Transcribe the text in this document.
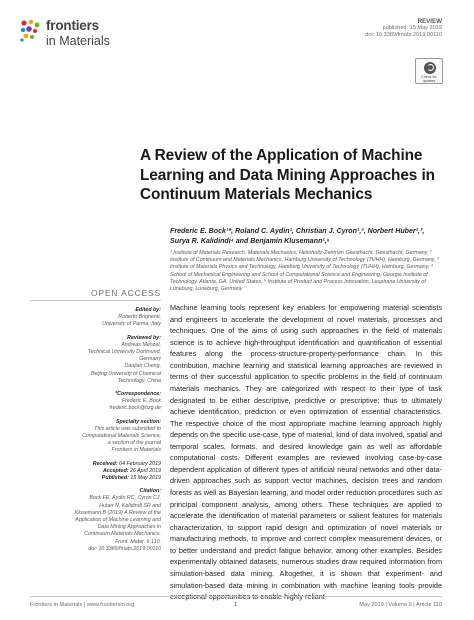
frontiers
in Materials
REVIEW
published: 15 May 2019
doi: 10.3389/fmats.2019.00110
Check for
updates
A Review of the Application of Machine Learning and Data Mining Approaches in Continuum Materials Mechanics
Frederic E. Bock¹*, Roland C. Aydin¹, Christian J. Cyron¹,², Norbert Huber¹,³, Surya R. Kalidindi⁴ and Benjamin Klusemann¹,⁵
¹ Institute of Materials Research, Materials Mechanics, Helmholtz-Zentrum Geesthacht, Geesthacht, Germany, ² Institute of Continuum and Materials Mechanics, Hamburg University of Technology (TUHH), Hamburg, Germany, ³ Institute of Materials Physics and Technology, Hamburg University of Technology (TUHH), Hamburg, Germany, ⁴ School of Mechanical Engineering and School of Computational Science and Engineering, Georgia Institute of Technology, Atlanta, GA, United States, ⁵ Institute of Product and Process Innovation, Leuphana University of Lüneburg, Lüneburg, Germany
OPEN ACCESS
Edited by:
Roberto Brighenti,
University of Parma, Italy
Reviewed by:
Andreas Menzel,
Technical University Dortmund,
Germany
Daojian Cheng,
Beijing University of Chemical
Technology, China
*Correspondence:
Frederic E. Bock
frederic.bock@hzg.de
Specialty section:
This article was submitted to
Computational Materials Science,
a section of the journal
Frontiers in Materials
Received: 04 February 2019
Accepted: 26 April 2019
Published: 15 May 2019
Citation:
Bock FE, Aydin RC, Cyron CJ,
Huber N, Kalidindi SR and
Klusemann B (2019) A Review of the
Application of Machine Learning and
Data Mining Approaches in
Continuum Materials Mechanics.
Front. Mater. 6:110.
doi: 10.3389/fmats.2019.00110

Machine learning tools represent key enablers for empowering material scientists and engineers to accelerate the development of novel materials, processes and techniques. One of the aims of using such approaches in the field of materials science is to achieve high-throughput identification and quantification of essential features along the process-structure-property-performance chain. In this contribution, machine learning and statistical learning approaches are reviewed in terms of their successful application to specific problems in the field of continuum materials mechanics. They are categorized with respect to their type of task designated to be either descriptive, predictive or prescriptive; thus to ultimately achieve identification, prediction or even optimization of essential characteristics. The respective choice of the most appropriate machine learning approach highly depends on the specific use-case, type of material, kind of data involved, spatial and temporal scales, formats, and desired knowledge gain as well as affordable computational costs. Different examples are reviewed involving case-by-case dependent application of different types of artificial neural networks and other data-driven approaches such as support vector machines, decision trees and random forests as well as Bayesian learning, and model order reduction procedures such as principal component analysis, among others. These techniques are applied to accelerate the identification of material parameters or salient features for materials characterization, to support rapid design and optimization of novel materials or manufacturing methods, to improve and correct complex measurement devices, or to better understand and predict fatigue behavior, among other examples. Besides experimentally obtained datasets, numerous studies draw required information from simulation-based data mining. Altogether, it is shown that experiment- and simulation-based data mining in combination with machine leaning tools provide exceptional opportunities to enable highly reliant

Frontiers in Materials | www.frontiersin.org	1	May 2019 | Volume 6 | Article 110
